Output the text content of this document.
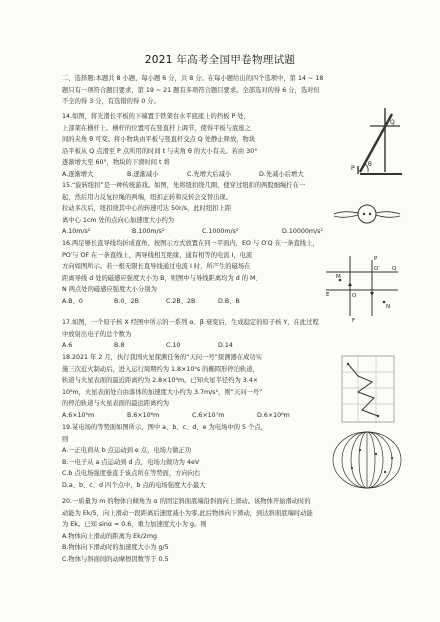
2021 年高考全国甲卷物理试题
二、选择题:本题共 8 小题，每小题 6 分，共 8 分。在每小题给出的四个选项中，第 14 ~ 18
题只有一项符合题目要求，第 19 ~ 21 题有多项符合题目要求。全部选对的得 6 分，选对但
不全的得 3 分，有选错的得 0 分。
14.如图，将光滑长平板的下端置于铁架台水平底座上的挡板 P 处，
上部架在横杆上。横杆的位置可在竖直杆上调节，使得平板与底座之
间的夹角 θ 可变。将小物块由平板与竖直杆交点 Q 处静止释放，物块
沿平板从 Q 点滑至 P 点所用的时间 t 与夹角 θ 的大小有关。若由 30°
逐渐增大至 60°，物块的下滑时间 t 将
A.逐渐增大	B.逐渐减小	C.先增大后减小	D.先减小后增大
Q
P
θ
15.“旋转纽扣”是一种传统游戏。如图，先将纽扣绕几圈，使穿过纽扣的两股细绳拧在一
起，然后用力反复拉绳的两端，纽扣正转和反转会交替出现。
拉动多次后，纽扣绕其中心的转速可达 50r/s，此时纽扣上距
离中心 1cm 处的点向心加速度大小约为
A.10m/s²	B.100m/s²	C.1000m/s²	D.10000m/s²
16.两足够长直导线均折成直角，按图示方式放置在同一平面内，EO 与 O′Q 在一条直线上，
PO′与 OF 在一条直线上，两导线相互绝缘，通有相等的电流 I，电流
方向如图所示。若一根无限长直导线通过电流 I 时，所产生的磁场在
距离导线 d 处的磁感应强度大小为 B，则图中与导线距离均为 d 的 M、
N 两点处的磁感应强度大小分别为
A.B、0	B.0、2B	C.2B、2B	D.B、B
M
N
O
O′
E
F
P
Q
17.如图，一个原子核 X 经图中所示的一系列 α、β 衰变后，生成稳定的原子核 Y，在此过程
中放射出电子的总个数为
A.6	B.8	C.10	D.14
18.2021 年 2 月，执行我国火星探测任务的“天问一号”探测器在成功实
施三次近火制动后，进入运行周期约为 1.8×10⁵s 的椭圆形停泊轨道，
轨道与火星表面的最近距离约为 2.8×10⁵m。已知火星半径约为 3.4×
10⁶m，火星表面处自由落体的加速度大小约为 3.7m/s²，则“天问一号”
的停泊轨道与火星表面的最远距离约为
A.6×10⁵m	B.6×10⁶m	C.6×10⁷m	D.6×10⁸m
19.某电场的等势面如图所示，图中 a、b、c、d、e 为电场中的 5 个点，
则
A.一正电荷从 b 点运动到 e 点，电场力做正功
B.一电子从 a 点运动到 d 点，电场力做功为 4eV
C.b 点电场强度垂直于该点所在等势面，方向向右
D.a、b、c、d 四个点中，b 点的电场强度大小最大
20.一质量为 m 的物体自倾角为 α 的固定斜面底端沿斜面向上滑动。该物体开始滑动时的
动能为 Ek/5，向上滑动一段距离后速度减小为零,此后物体向下滑动，到达斜面底端时动能
为 Ek。已知 sinα = 0.6，重力加速度大小为 g。则
A.物体向上滑动的距离为 Ek/2mg
B.物体向下滑动时的加速度大小为 g/5
C.物体与斜面间的动摩擦因数等于 0.5
